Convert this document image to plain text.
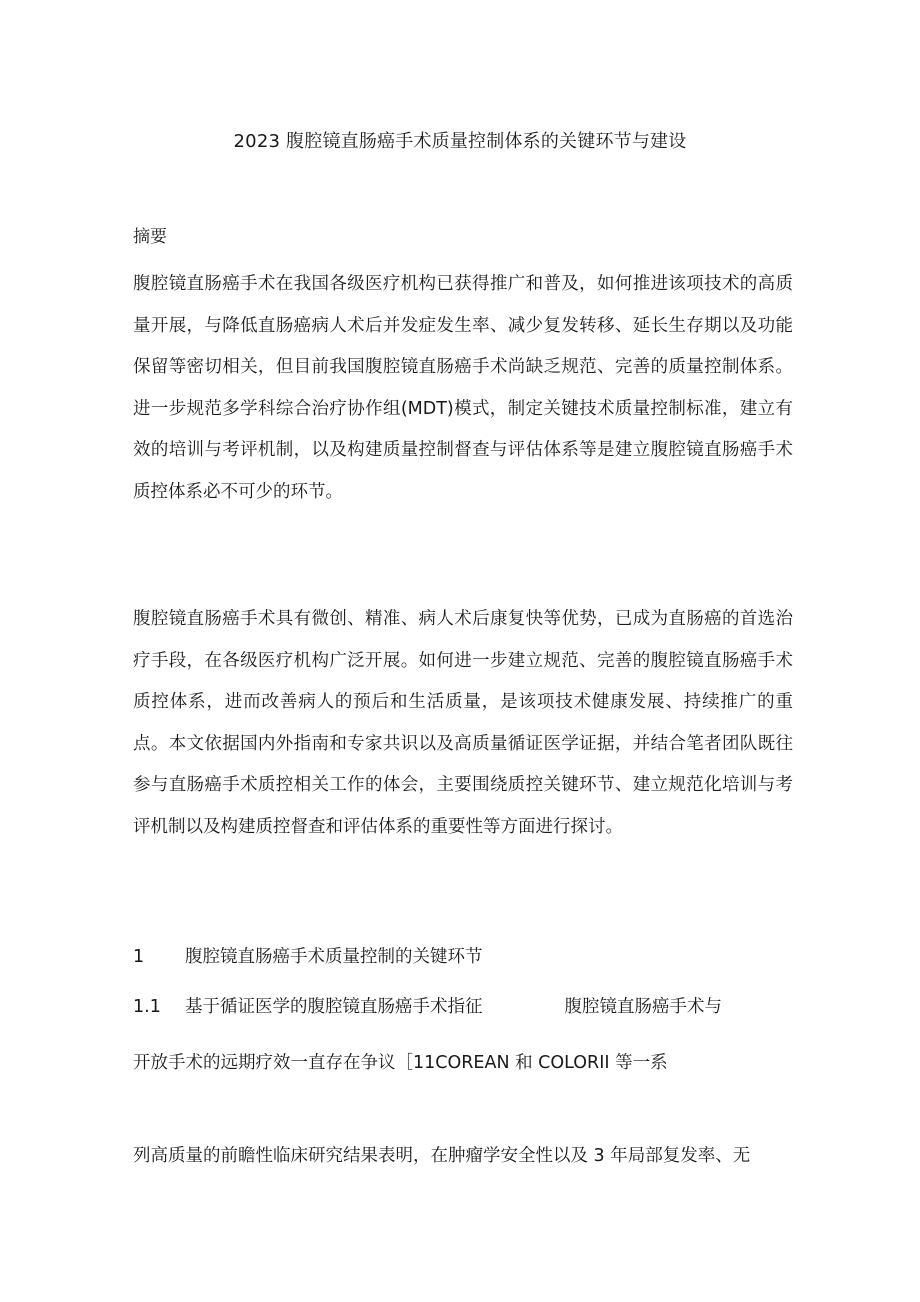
2023 腹腔镜直肠癌手术质量控制体系的关键环节与建设
摘要

腹腔镜直肠癌手术在我国各级医疗机构已获得推广和普及，如何推进该项技术的高质量开展，与降低直肠癌病人术后并发症发生率、减少复发转移、延长生存期以及功能保留等密切相关，但目前我国腹腔镜直肠癌手术尚缺乏规范、完善的质量控制体系。进一步规范多学科综合治疗协作组(MDT)模式，制定关键技术质量控制标准，建立有效的培训与考评机制，以及构建质量控制督查与评估体系等是建立腹腔镜直肠癌手术质控体系必不可少的环节。

腹腔镜直肠癌手术具有微创、精准、病人术后康复快等优势，已成为直肠癌的首选治疗手段，在各级医疗机构广泛开展。如何进一步建立规范、完善的腹腔镜直肠癌手术质控体系，进而改善病人的预后和生活质量，是该项技术健康发展、持续推广的重点。本文依据国内外指南和专家共识以及高质量循证医学证据，并结合笔者团队既往参与直肠癌手术质控相关工作的体会，主要围绕质控关键环节、建立规范化培训与考评机制以及构建质控督查和评估体系的重要性等方面进行探讨。

1 腹腔镜直肠癌手术质量控制的关键环节
1.1 基于循证医学的腹腔镜直肠癌手术指征	腹腔镜直肠癌手术与
开放手术的远期疗效一直存在争议［11COREAN 和 COLORII 等一系
列高质量的前瞻性临床研究结果表明，在肿瘤学安全性以及 3 年局部复发率、无
